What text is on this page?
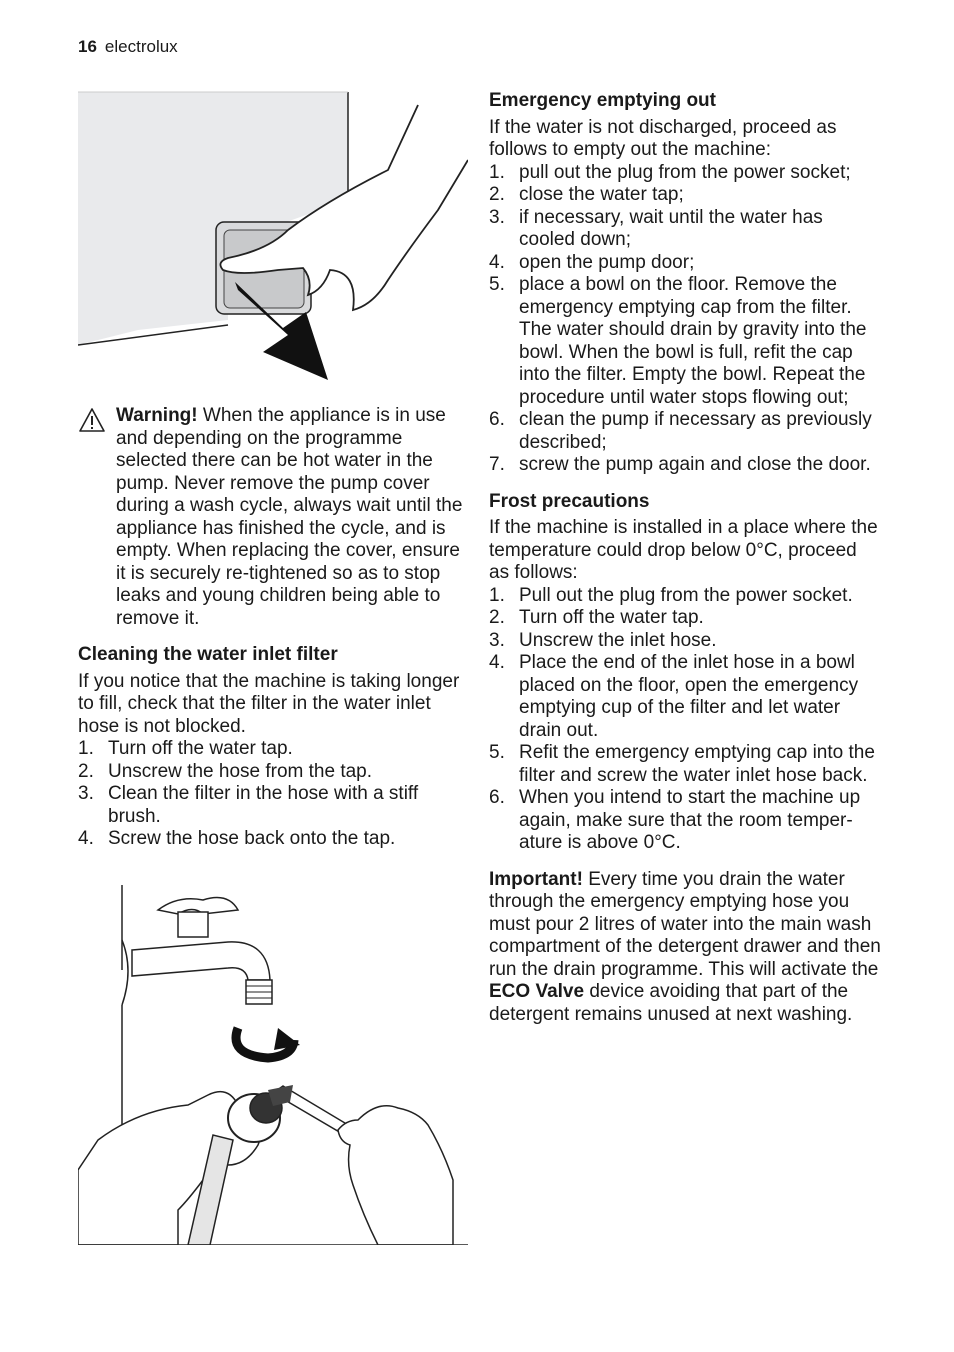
16 electrolux

Warning! When the appliance is in use and depending on the programme selected there can be hot water in the pump. Never remove the pump cover during a wash cycle, always wait until the appliance has finished the cycle, and is empty. When replacing the cover, ensure it is securely re-tightened so as to stop leaks and young children being able to remove it.

Cleaning the water inlet filter

If you notice that the machine is taking longer to fill, check that the filter in the water inlet hose is not blocked.

1. Turn off the water tap.
2. Unscrew the hose from the tap.
3. Clean the filter in the hose with a stiff brush.
4. Screw the hose back onto the tap.
Emergency emptying out

If the water is not discharged, proceed as follows to empty out the machine:

1. pull out the plug from the power socket;
2. close the water tap;
3. if necessary, wait until the water has cooled down;
4. open the pump door;
5. place a bowl on the floor. Remove the emergency emptying cap from the filter. The water should drain by gravity into the bowl. When the bowl is full, refit the cap into the filter. Empty the bowl. Repeat the procedure until water stops flowing out;
6. clean the pump if necessary as previously described;
7. screw the pump again and close the door.
Frost precautions

If the machine is installed in a place where the temperature could drop below 0°C, proceed as follows:

1. Pull out the plug from the power socket.
2. Turn off the water tap.
3. Unscrew the inlet hose.
4. Place the end of the inlet hose in a bowl placed on the floor, open the emergency emptying cup of the filter and let water drain out.
5. Refit the emergency emptying cap into the filter and screw the water inlet hose back.
6. When you intend to start the machine up again, make sure that the room temper-ature is above 0°C.

Important! Every time you drain the water through the emergency emptying hose you must pour 2 litres of water into the main wash compartment of the detergent drawer and then run the drain programme. This will activate the ECO Valve device avoiding that part of the detergent remains unused at next washing.
